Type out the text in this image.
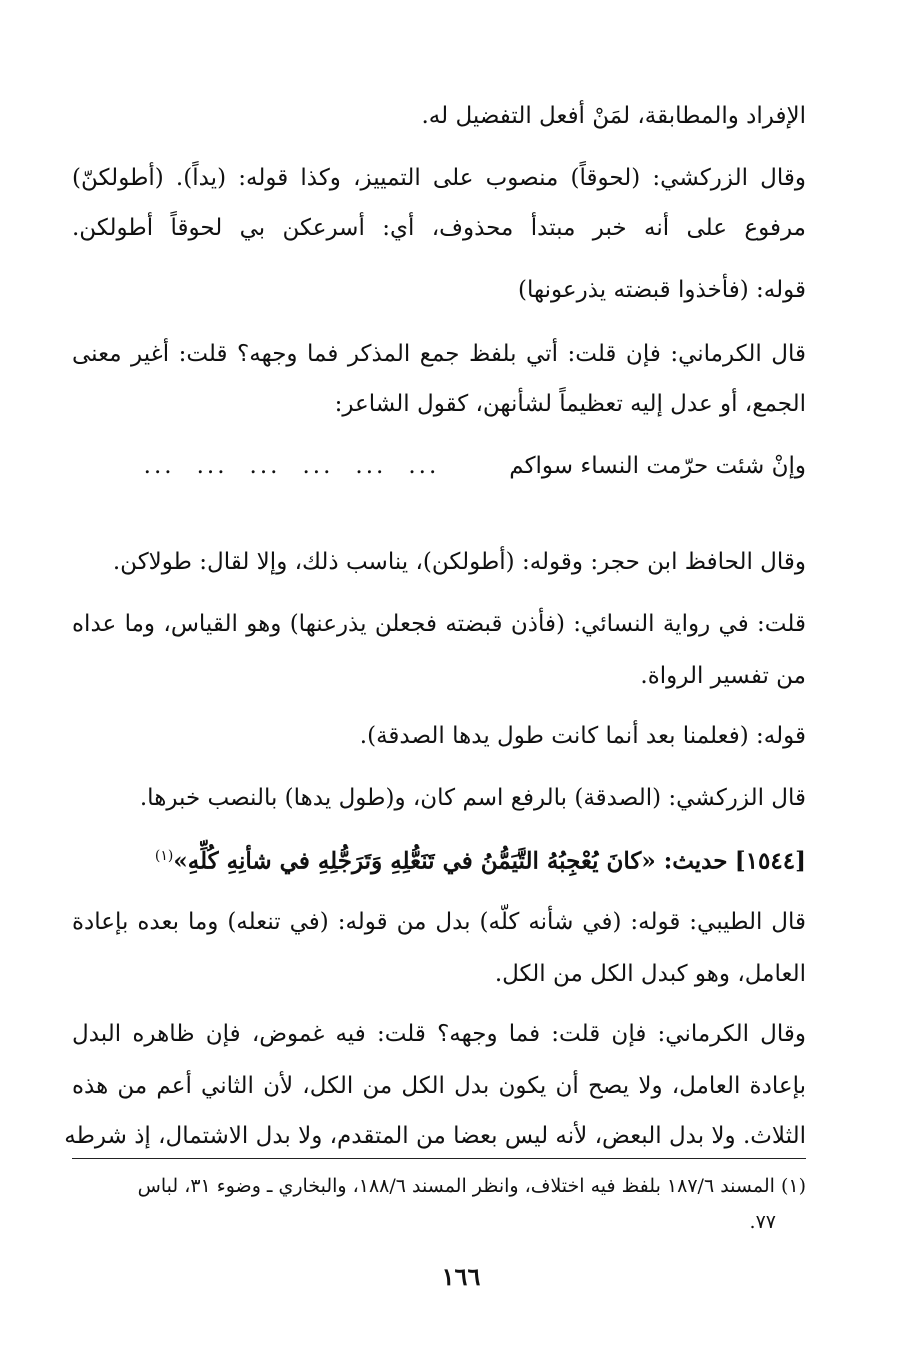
الإفراد والمطابقة، لمَنْ أفعل التفضيل له.
وقال الزركشي: (لحوقاً) منصوب على التمييز، وكذا قوله: (يداً). (أطولكنّ)
مرفوع على أنه خبر مبتدأ محذوف، أي: أسرعكن بي لحوقاً أطولكن.
قوله: (فأخذوا قبضته يذرعونها)
قال الكرماني: فإن قلت: أتي بلفظ جمع المذكر فما وجهه؟ قلت: أغير معنى
الجمع، أو عدل إليه تعظيماً لشأنهن، كقول الشاعر:
وإنْ شئت حرّمت النساء سواكم..................
وقال الحافظ ابن حجر: وقوله: (أطولكن)، يناسب ذلك، وإلا لقال: طولاكن.
قلت: في رواية النسائي: (فأذن قبضته فجعلن يذرعنها) وهو القياس، وما عداه
من تفسير الرواة.
قوله: (فعلمنا بعد أنما كانت طول يدها الصدقة).
قال الزركشي: (الصدقة) بالرفع اسم كان، و(طول يدها) بالنصب خبرها.
[١٥٤٤] حديث: «كانَ يُعْجِبُهُ التَّيَمُّنُ في تَنَعُّلِهِ وَتَرَجُّلِهِ في شأنِهِ كُلِّهِ»$^{(١)}$
قال الطيبي: قوله: (في شأنه كلّه) بدل من قوله: (في تنعله) وما بعده بإعادة
العامل، وهو كبدل الكل من الكل.
وقال الكرماني: فإن قلت: فما وجهه؟ قلت: فيه غموض، فإن ظاهره البدل
بإعادة العامل، ولا يصح أن يكون بدل الكل من الكل، لأن الثاني أعم من هذه
الثلاث. ولا بدل البعض، لأنه ليس بعضا من المتقدم، ولا بدل الاشتمال، إذ شرطه
(١) المسند ١٨٧/٦ بلفظ فيه اختلاف، وانظر المسند ١٨٨/٦، والبخاري ـ وضوء ٣١، لباس
٧٧.
١٦٦
